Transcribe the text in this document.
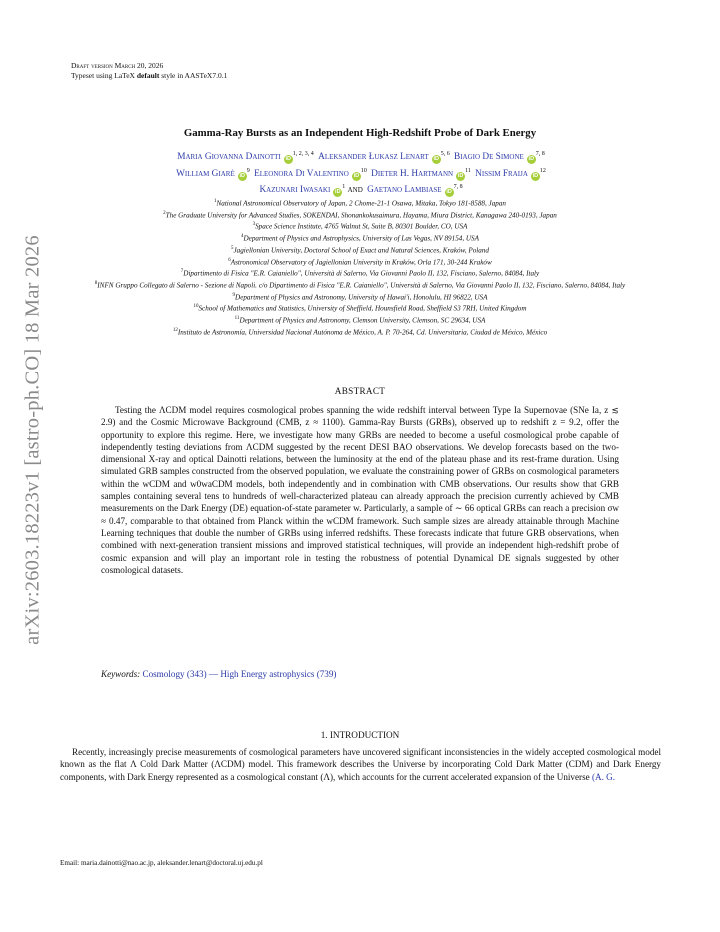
arXiv:2603.18223v1 [astro-ph.CO] 18 Mar 2026
Draft version March 20, 2026
Typeset using LaTeX default style in AASTeX7.0.1
Gamma-Ray Bursts as an Independent High-Redshift Probe of Dark Energy
Maria Giovanna Dainotti iD$^{1, 2, 3, 4}$ Aleksander Łukasz Lenart iD$^{5, 6}$ Biagio De Simone iD$^{7, 8}$
William Giarè $iD^9$ Eleonora Di Valentino $iD^{10}$ Dieter H. Hartmann $iD^{11}$ Nissim Fraija $iD^{12}$
Kazunari Iwasaki $iD^1$ and Gaetano Lambiase iD$^{7, 8}$
$^1$National Astronomical Observatory of Japan, 2 Chome-21-1 Osawa, Mitaka, Tokyo 181-8588, Japan
$^2$The Graduate University for Advanced Studies, SOKENDAI, Shonankokusaimura, Hayama, Miura District, Kanagawa 240-0193, Japan
$^3$Space Science Institute, 4765 Walnut St, Suite B, 80301 Boulder, CO, USA
$^4$Department of Physics and Astrophysics, University of Las Vegas, NV 89154, USA
$^5$Jagiellonian University, Doctoral School of Exact and Natural Sciences, Kraków, Poland
$^6$Astronomical Observatory of Jagiellonian University in Kraków, Orla 171, 30-244 Kraków
$^7$Dipartimento di Fisica "E.R. Caianiello", Università di Salerno, Via Giovanni Paolo II, 132, Fisciano, Salerno, 84084, Italy
$^8$INFN Gruppo Collegato di Salerno - Sezione di Napoli. c/o Dipartimento di Fisica "E.R. Caianiello", Università di Salerno, Via Giovanni Paolo II, 132, Fisciano, Salerno, 84084, Italy
$^9$Department of Physics and Astronomy, University of Hawai'i, Honolulu, HI 96822, USA
$^{10}$School of Mathematics and Statistics, University of Sheffield, Hounsfield Road, Sheffield S3 7RH, United Kingdom
$^{11}$Department of Physics and Astronomy, Clemson University, Clemson, SC 29634, USA
$^{12}$Instituto de Astronomía, Universidad Nacional Autónoma de México, A. P. 70-264, Cd. Universitaria, Ciudad de México, México
ABSTRACT
Testing the ΛCDM model requires cosmological probes spanning the wide redshift interval between Type Ia Supernovae (SNe Ia, z ≲ 2.9) and the Cosmic Microwave Background (CMB, z ≈ 1100). Gamma-Ray Bursts (GRBs), observed up to redshift z = 9.2, offer the opportunity to explore this regime. Here, we investigate how many GRBs are needed to become a useful cosmological probe capable of independently testing deviations from ΛCDM suggested by the recent DESI BAO observations. We develop forecasts based on the two-dimensional X-ray and optical Dainotti relations, between the luminosity at the end of the plateau phase and its rest-frame duration. Using simulated GRB samples constructed from the observed population, we evaluate the constraining power of GRBs on cosmological parameters within the wCDM and w0waCDM models, both independently and in combination with CMB observations. Our results show that GRB samples containing several tens to hundreds of well-characterized plateau can already approach the precision currently achieved by CMB measurements on the Dark Energy (DE) equation-of-state parameter w. Particularly, a sample of ∼ 66 optical GRBs can reach a precision σw ≈ 0.47, comparable to that obtained from Planck within the wCDM framework. Such sample sizes are already attainable through Machine Learning techniques that double the number of GRBs using inferred redshifts. These forecasts indicate that future GRB observations, when combined with next-generation transient missions and improved statistical techniques, will provide an independent high-redshift probe of cosmic expansion and will play an important role in testing the robustness of potential Dynamical DE signals suggested by other cosmological datasets.
Keywords: Cosmology (343) — High Energy astrophysics (739)
1. INTRODUCTION
Recently, increasingly precise measurements of cosmological parameters have uncovered significant inconsistencies in the widely accepted cosmological model known as the flat Λ Cold Dark Matter (ΛCDM) model. This framework describes the Universe by incorporating Cold Dark Matter (CDM) and Dark Energy components, with Dark Energy represented as a cosmological constant (Λ), which accounts for the current accelerated expansion of the Universe (A. G.
Email: maria.dainotti@nao.ac.jp, aleksander.lenart@doctoral.uj.edu.pl
